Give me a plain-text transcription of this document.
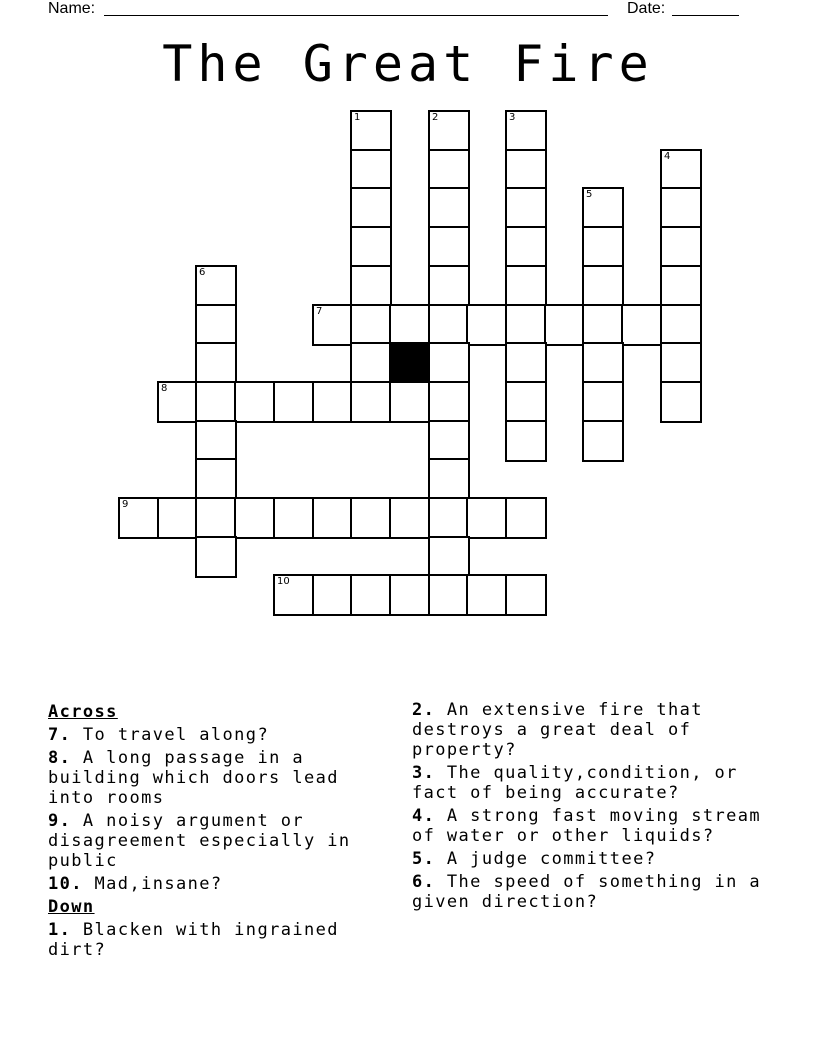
Name:	Date:
The Great Fire
1	2	3
4
5
6
7
8
9
10
Across
7. To travel along?
8. A long passage in a building which doors lead into rooms
9. A noisy argument or disagreement especially in public
10. Mad,insane?
Down
1. Blacken with ingrained dirt?
2. An extensive fire that destroys a great deal of property?
3. The quality,condition, or fact of being accurate?
4. A strong fast moving stream of water or other liquids?
5. A judge committee?
6. The speed of something in a given direction?
